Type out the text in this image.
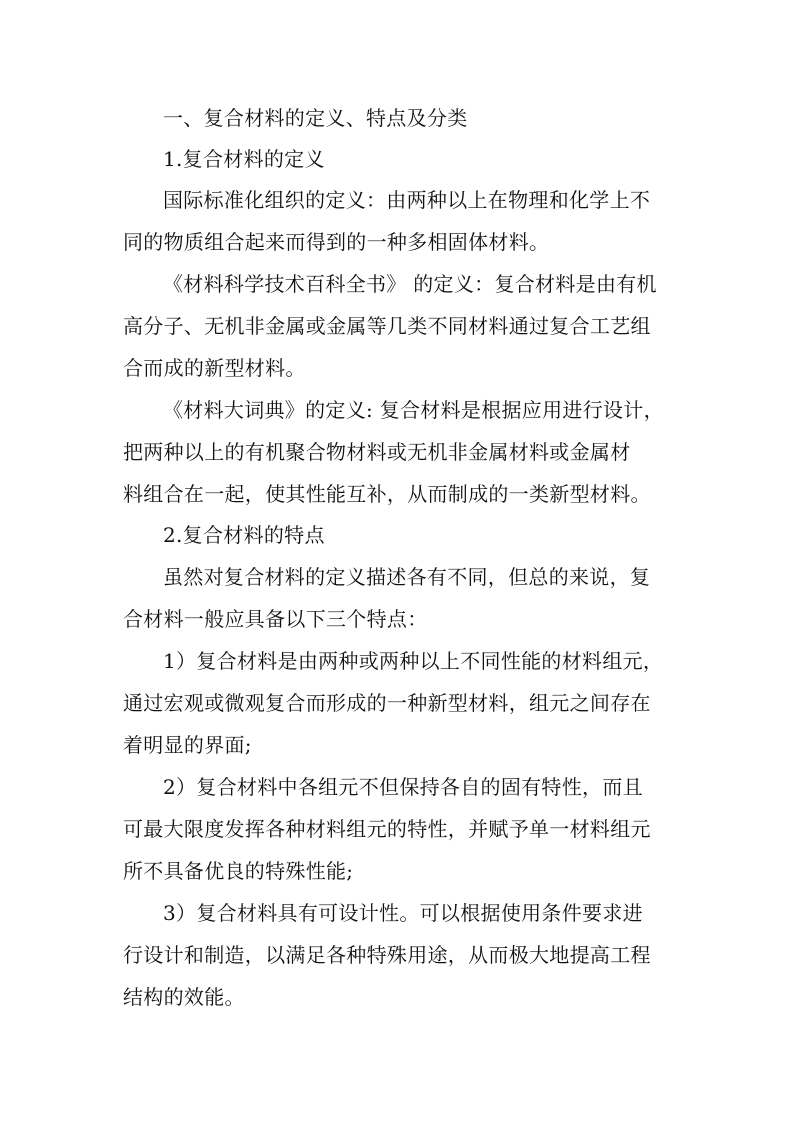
一、复合材料的定义、特点及分类
1.复合材料的定义
国际标准化组织的定义：由两种以上在物理和化学上不
同的物质组合起来而得到的一种多相固体材料。
《材料科学技术百科全书》 的定义：复合材料是由有机
高分子、无机非金属或金属等几类不同材料通过复合工艺组
合而成的新型材料。
《材料大词典》的定义: 复合材料是根据应用进行设计，
把两种以上的有机聚合物材料或无机非金属材料或金属材
料组合在一起，使其性能互补，从而制成的一类新型材料。
2.复合材料的特点
虽然对复合材料的定义描述各有不同，但总的来说，复
合材料一般应具备以下三个特点：
1）复合材料是由两种或两种以上不同性能的材料组元，
通过宏观或微观复合而形成的一种新型材料，组元之间存在
着明显的界面;
2）复合材料中各组元不但保持各自的固有特性，而且
可最大限度发挥各种材料组元的特性，并赋予单一材料组元
所不具备优良的特殊性能;
3）复合材料具有可设计性。可以根据使用条件要求进
行设计和制造，以满足各种特殊用途，从而极大地提高工程
结构的效能。
